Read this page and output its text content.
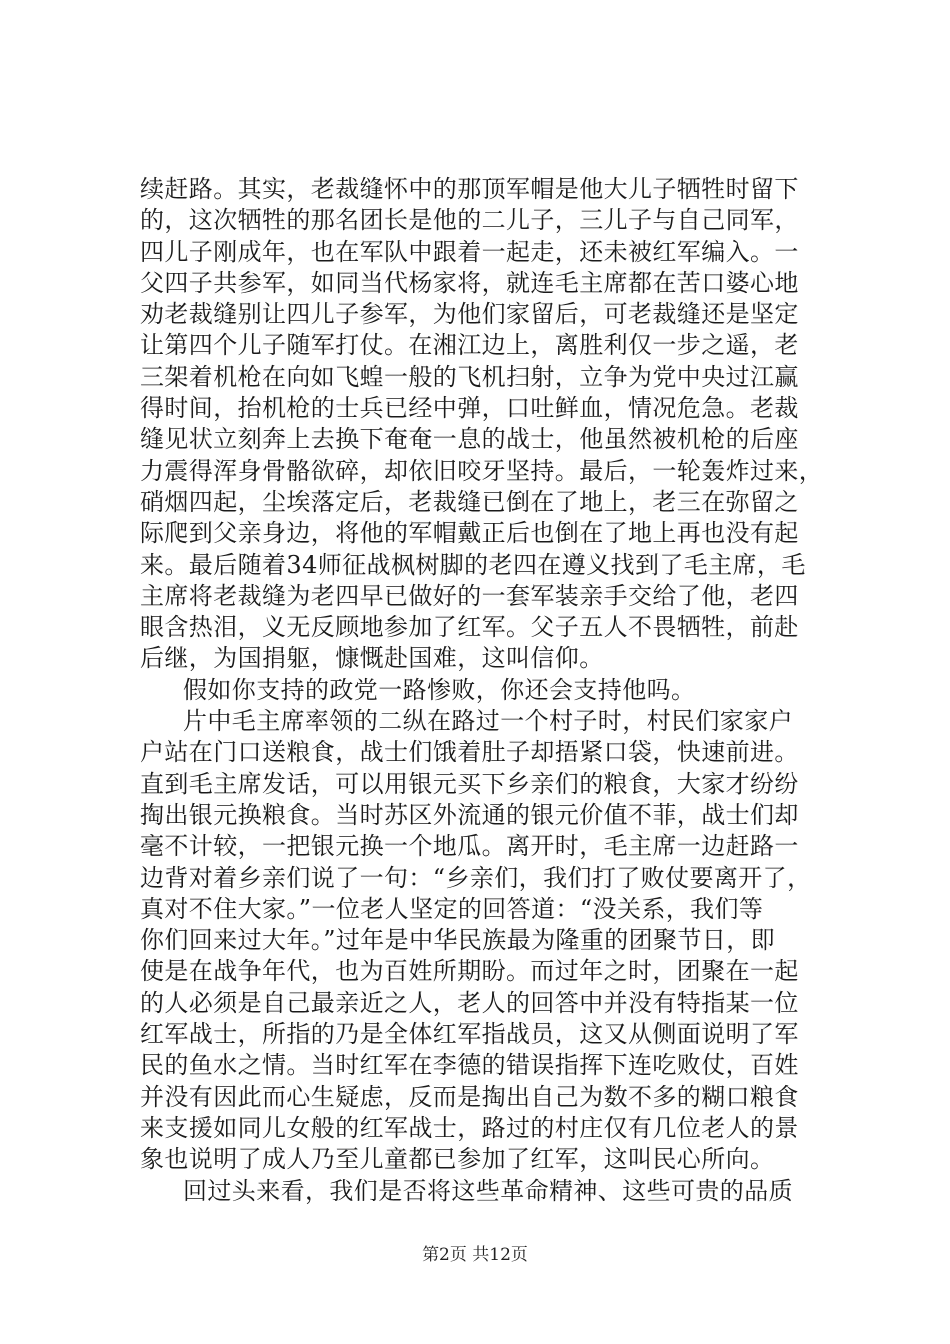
续赶路。其实，老裁缝怀中的那顶军帽是他大儿子牺牲时留下
的，这次牺牲的那名团长是他的二儿子，三儿子与自己同军，
四儿子刚成年，也在军队中跟着一起走，还未被红军编入。一
父四子共参军，如同当代杨家将，就连毛主席都在苦口婆心地
劝老裁缝别让四儿子参军，为他们家留后，可老裁缝还是坚定
让第四个儿子随军打仗。在湘江边上，离胜利仅一步之遥，老
三架着机枪在向如飞蝗一般的飞机扫射，立争为党中央过江赢
得时间，抬机枪的士兵已经中弹，口吐鲜血，情况危急。老裁
缝见状立刻奔上去换下奄奄一息的战士，他虽然被机枪的后座
力震得浑身骨骼欲碎，却依旧咬牙坚持。最后，一轮轰炸过来，
硝烟四起，尘埃落定后，老裁缝已倒在了地上，老三在弥留之
际爬到父亲身边，将他的军帽戴正后也倒在了地上再也没有起
来。最后随着34师征战枫树脚的老四在遵义找到了毛主席，毛
主席将老裁缝为老四早已做好的一套军装亲手交给了他，老四
眼含热泪，义无反顾地参加了红军。父子五人不畏牺牲，前赴
后继，为国捐躯，慷慨赴国难，这叫信仰。
假如你支持的政党一路惨败，你还会支持他吗。
片中毛主席率领的二纵在路过一个村子时，村民们家家户
户站在门口送粮食，战士们饿着肚子却捂紧口袋，快速前进。
直到毛主席发话，可以用银元买下乡亲们的粮食，大家才纷纷
掏出银元换粮食。当时苏区外流通的银元价值不菲，战士们却
毫不计较，一把银元换一个地瓜。离开时，毛主席一边赶路一
边背对着乡亲们说了一句：“乡亲们，我们打了败仗要离开了，
真对不住大家。”一位老人坚定的回答道：“没关系，我们等
你们回来过大年。”过年是中华民族最为隆重的团聚节日，即
使是在战争年代，也为百姓所期盼。而过年之时，团聚在一起
的人必须是自己最亲近之人，老人的回答中并没有特指某一位
红军战士，所指的乃是全体红军指战员，这又从侧面说明了军
民的鱼水之情。当时红军在李德的错误指挥下连吃败仗，百姓
并没有因此而心生疑虑，反而是掏出自己为数不多的糊口粮食
来支援如同儿女般的红军战士，路过的村庄仅有几位老人的景
象也说明了成人乃至儿童都已参加了红军，这叫民心所向。
回过头来看，我们是否将这些革命精神、这些可贵的品质
第2页 共12页
